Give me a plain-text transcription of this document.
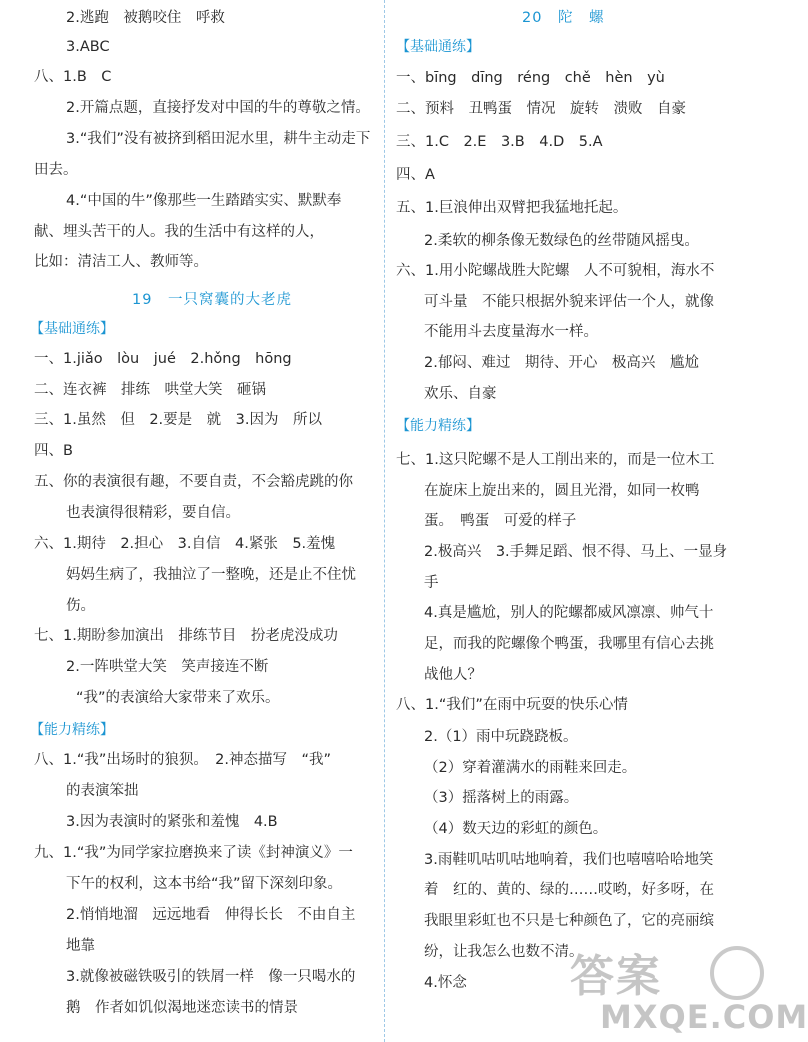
2.逃跑　被鹅咬住　呼救
3.ABC
八、1.B　C
2.开篇点题，直接抒发对中国的牛的尊敬之情。
3.“我们”没有被挤到稻田泥水里，耕牛主动走下
田去。
4.“中国的牛”像那些一生踏踏实实、默默奉
献、埋头苦干的人。我的生活中有这样的人，
比如：清洁工人、教师等。
19　一只窝囊的大老虎
【基础通练】
一、1.jiǎo　lòu　jué　2.hǒng　hōng
二、连衣裤　排练　哄堂大笑　砸锅
三、1.虽然　但　2.要是　就　3.因为　所以
四、B
五、你的表演很有趣，不要自责，不会豁虎跳的你
也表演得很精彩，要自信。
六、1.期待　2.担心　3.自信　4.紧张　5.羞愧
妈妈生病了，我抽泣了一整晚，还是止不住忧
伤。
七、1.期盼参加演出　排练节目　扮老虎没成功
2.一阵哄堂大笑　笑声接连不断
“我”的表演给大家带来了欢乐。
【能力精练】
八、1.“我”出场时的狼狈。　2.神态描写　“我”
的表演笨拙
3.因为表演时的紧张和羞愧　4.B
九、1.“我”为同学家拉磨换来了读《封神演义》一
下午的权利，这本书给“我”留下深刻印象。
2.悄悄地溜　远远地看　伸得长长　不由自主
地靠
3.就像被磁铁吸引的铁屑一样　像一只喝水的
鹅　作者如饥似渴地迷恋读书的情景
20　陀　螺
【基础通练】
一、bīng　dīng　réng　chě　hèn　yù
二、预料　丑鸭蛋　情况　旋转　溃败　自豪
三、1.C　2.E　3.B　4.D　5.A
四、A
五、1.巨浪伸出双臂把我猛地托起。
2.柔软的柳条像无数绿色的丝带随风摇曳。
六、1.用小陀螺战胜大陀螺　人不可貌相，海水不
可斗量　不能只根据外貌来评估一个人，就像
不能用斗去度量海水一样。
2.郁闷、难过　期待、开心　极高兴　尴尬
欢乐、自豪
【能力精练】
七、1.这只陀螺不是人工削出来的，而是一位木工
在旋床上旋出来的，圆且光滑，如同一枚鸭
蛋。　鸭蛋　可爱的样子
2.极高兴　3.手舞足蹈、恨不得、马上、一显身
手
4.真是尴尬，别人的陀螺都威风凛凛、帅气十
足，而我的陀螺像个鸭蛋，我哪里有信心去挑
战他人？
八、1.“我们”在雨中玩耍的快乐心情
2.（1）雨中玩跷跷板。
（2）穿着灌满水的雨鞋来回走。
（3）摇落树上的雨露。
（4）数天边的彩虹的颜色。
3.雨鞋叽咕叽咕地响着，我们也嘻嘻哈哈地笑
着　红的、黄的、绿的……哎哟，好多呀，在
我眼里彩虹也不只是七种颜色了，它的亮丽缤
纷，让我怎么也数不清。
4.怀念 答案
MXQE.COM
